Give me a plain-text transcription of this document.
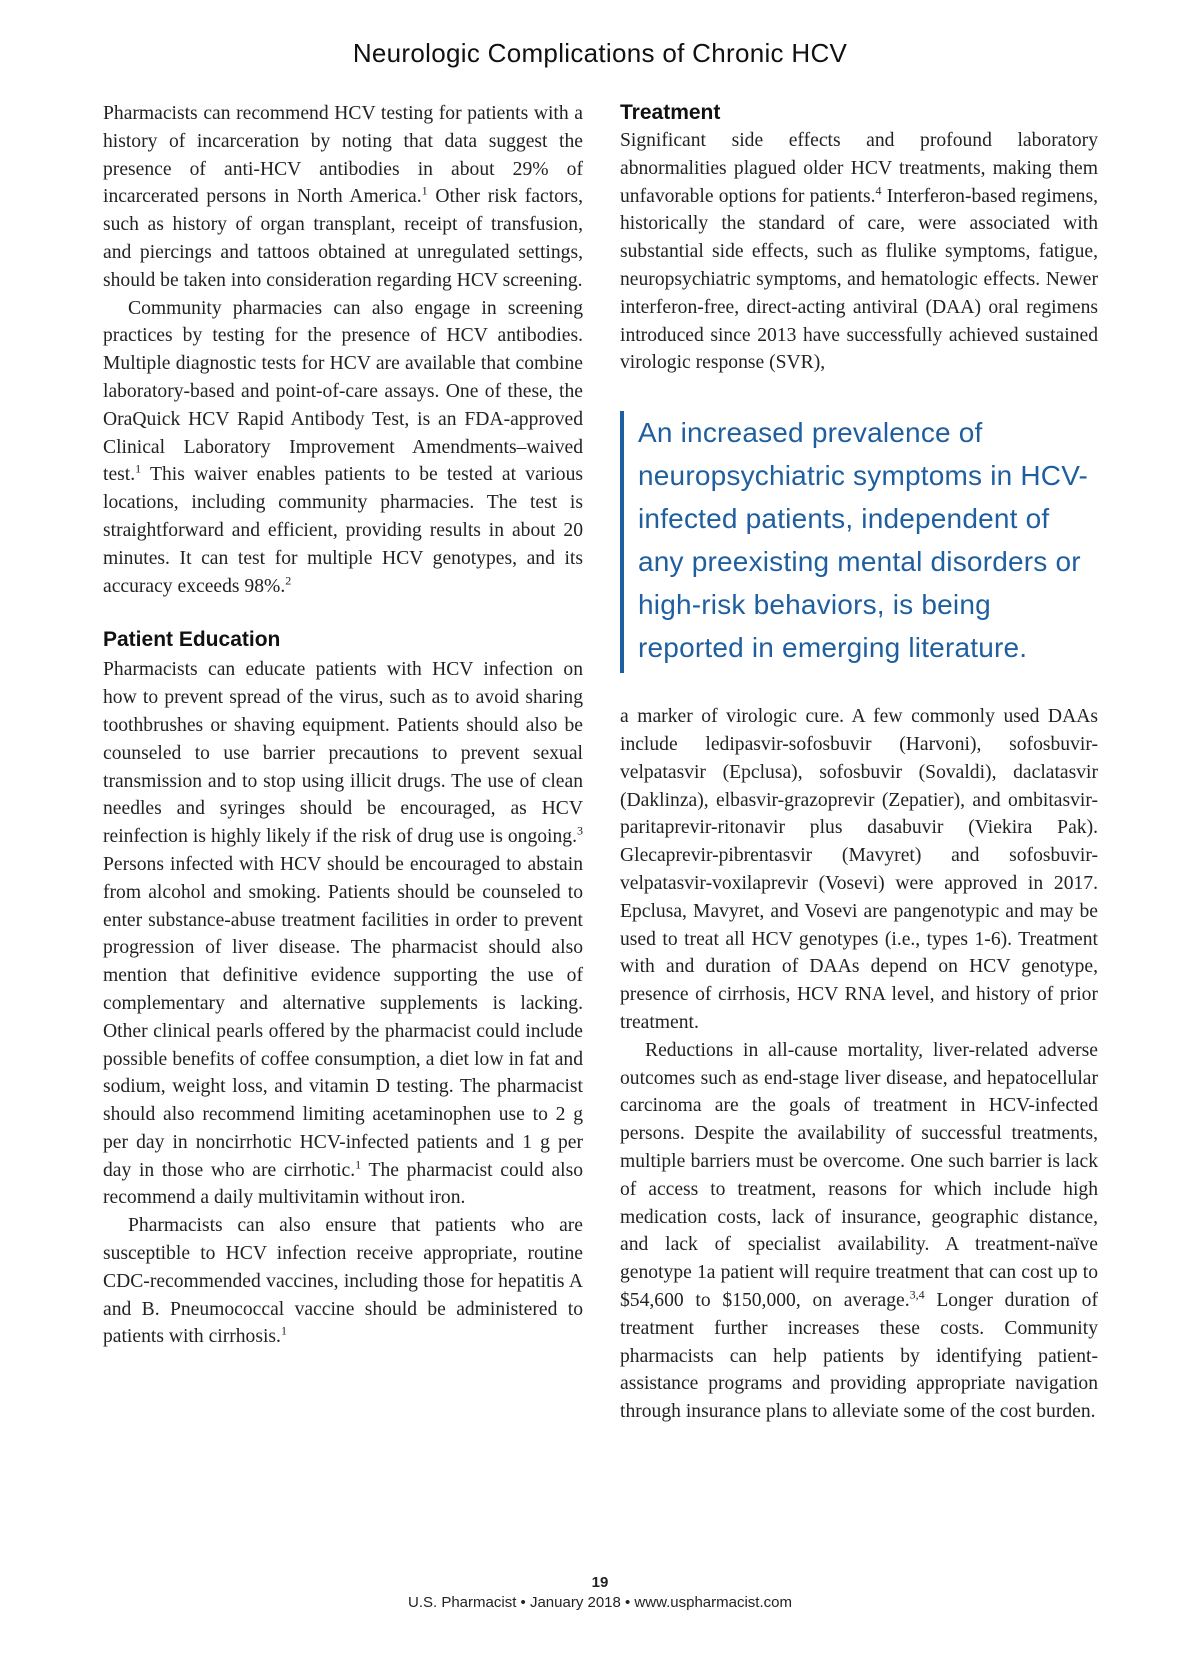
Neurologic Complications of Chronic HCV

Pharmacists can recommend HCV testing for patients with a history of incarceration by noting that data suggest the presence of anti-HCV antibodies in about 29% of incarcerated persons in North America.$^1$ Other risk factors, such as history of organ transplant, receipt of transfusion, and piercings and tattoos obtained at unregulated settings, should be taken into consideration regarding HCV screening.

Community pharmacies can also engage in screening practices by testing for the presence of HCV antibodies. Multiple diagnostic tests for HCV are available that combine laboratory-based and point-of-care assays. One of these, the OraQuick HCV Rapid Antibody Test, is an FDA-approved Clinical Laboratory Improvement Amendments–waived test.$^1$ This waiver enables patients to be tested at various locations, including community pharmacies. The test is straightforward and efficient, providing results in about 20 minutes. It can test for multiple HCV genotypes, and its accuracy exceeds 98%.$^2$

Patient Education

Pharmacists can educate patients with HCV infection on how to prevent spread of the virus, such as to avoid sharing toothbrushes or shaving equipment. Patients should also be counseled to use barrier precautions to prevent sexual transmission and to stop using illicit drugs. The use of clean needles and syringes should be encouraged, as HCV reinfection is highly likely if the risk of drug use is ongoing.$^3$ Persons infected with HCV should be encouraged to abstain from alcohol and smoking. Patients should be counseled to enter substance-abuse treatment facilities in order to prevent progression of liver disease. The pharmacist should also mention that definitive evidence supporting the use of complementary and alternative supplements is lacking. Other clinical pearls offered by the pharmacist could include possible benefits of coffee consumption, a diet low in fat and sodium, weight loss, and vitamin D testing. The pharmacist should also recommend limiting acetaminophen use to 2 g per day in noncirrhotic HCV-infected patients and 1 g per day in those who are cirrhotic.$^1$ The pharmacist could also recommend a daily multivitamin without iron.

Pharmacists can also ensure that patients who are susceptible to HCV infection receive appropriate, routine CDC-recommended vaccines, including those for hepatitis A and B. Pneumococcal vaccine should be administered to patients with cirrhosis.$^1$

Treatment

Significant side effects and profound laboratory abnormalities plagued older HCV treatments, making them unfavorable options for patients.$^4$ Interferon-based regimens, historically the standard of care, were associated with substantial side effects, such as flulike symptoms, fatigue, neuropsychiatric symptoms, and hematologic effects. Newer interferon-free, direct-acting antiviral (DAA) oral regimens introduced since 2013 have successfully achieved sustained virologic response (SVR),

An increased prevalence of neuropsychiatric symptoms in HCV-infected patients, independent of any preexisting mental disorders or high-risk behaviors, is being reported in emerging literature.

a marker of virologic cure. A few commonly used DAAs include ledipasvir-sofosbuvir (Harvoni), sofosbuvir-velpatasvir (Epclusa), sofosbuvir (Sovaldi), daclatasvir (Daklinza), elbasvir-grazoprevir (Zepatier), and ombitasvir-paritaprevir-ritonavir plus dasabuvir (Viekira Pak). Glecaprevir-pibrentasvir (Mavyret) and sofosbuvir-velpatasvir-voxilaprevir (Vosevi) were approved in 2017. Epclusa, Mavyret, and Vosevi are pangenotypic and may be used to treat all HCV genotypes (i.e., types 1-6). Treatment with and duration of DAAs depend on HCV genotype, presence of cirrhosis, HCV RNA level, and history of prior treatment.

Reductions in all-cause mortality, liver-related adverse outcomes such as end-stage liver disease, and hepatocellular carcinoma are the goals of treatment in HCV-infected persons. Despite the availability of successful treatments, multiple barriers must be overcome. One such barrier is lack of access to treatment, reasons for which include high medication costs, lack of insurance, geographic distance, and lack of specialist availability. A treatment-naïve genotype 1a patient will require treatment that can cost up to $54,600 to $150,000, on average.$^{3,4}$ Longer duration of treatment further increases these costs. Community pharmacists can help patients by identifying patient-assistance programs and providing appropriate navigation through insurance plans to alleviate some of the cost burden.

19
U.S. Pharmacist • January 2018 • www.uspharmacist.com
